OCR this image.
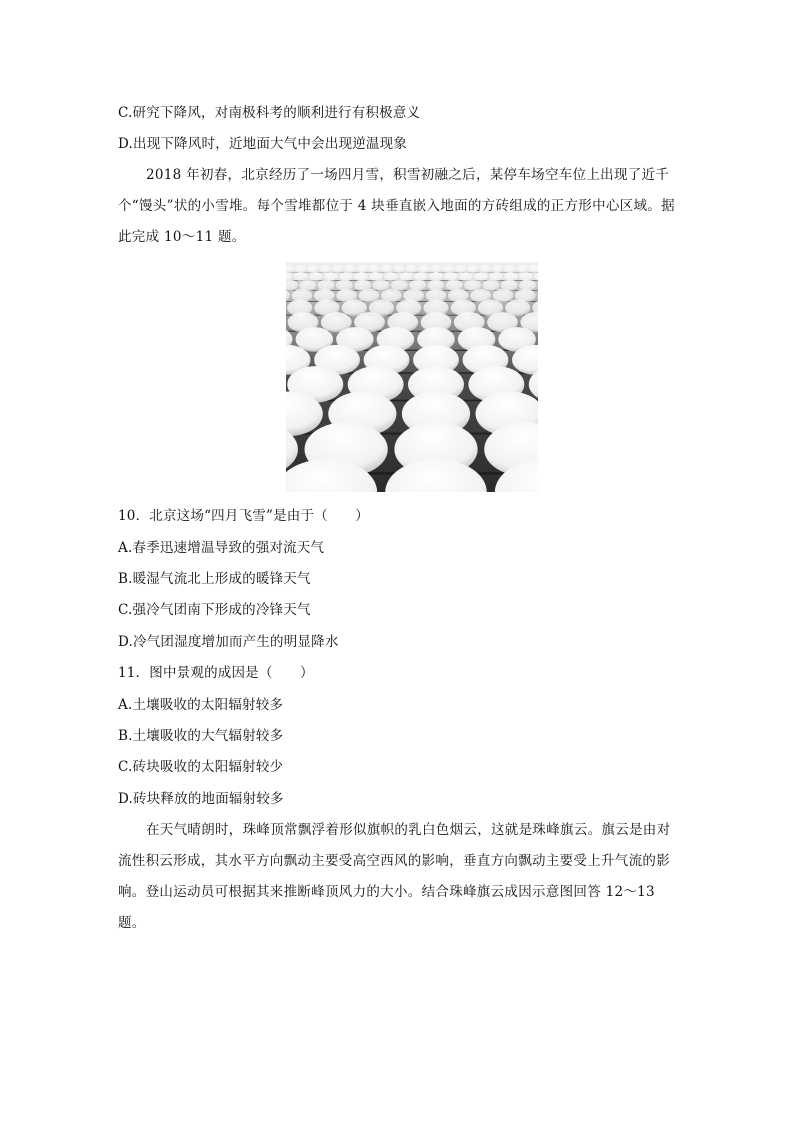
C.研究下降风，对南极科考的顺利进行有积极意义
D.出现下降风时，近地面大气中会出现逆温现象
2018 年初春，北京经历了一场四月雪，积雪初融之后，某停车场空车位上出现了近千个“馒头”状的小雪堆。每个雪堆都位于 4 块垂直嵌入地面的方砖组成的正方形中心区域。据此完成 10～11 题。
10．北京这场“四月飞雪”是由于（　　）
A.春季迅速增温导致的强对流天气
B.暖湿气流北上形成的暖锋天气
C.强冷气团南下形成的冷锋天气
D.冷气团湿度增加而产生的明显降水
11．图中景观的成因是（　　）
A.土壤吸收的太阳辐射较多
B.土壤吸收的大气辐射较多
C.砖块吸收的太阳辐射较少
D.砖块释放的地面辐射较多
在天气晴朗时，珠峰顶常飘浮着形似旗帜的乳白色烟云，这就是珠峰旗云。旗云是由对流性积云形成，其水平方向飘动主要受高空西风的影响，垂直方向飘动主要受上升气流的影响。登山运动员可根据其来推断峰顶风力的大小。结合珠峰旗云成因示意图回答 12～13 题。
